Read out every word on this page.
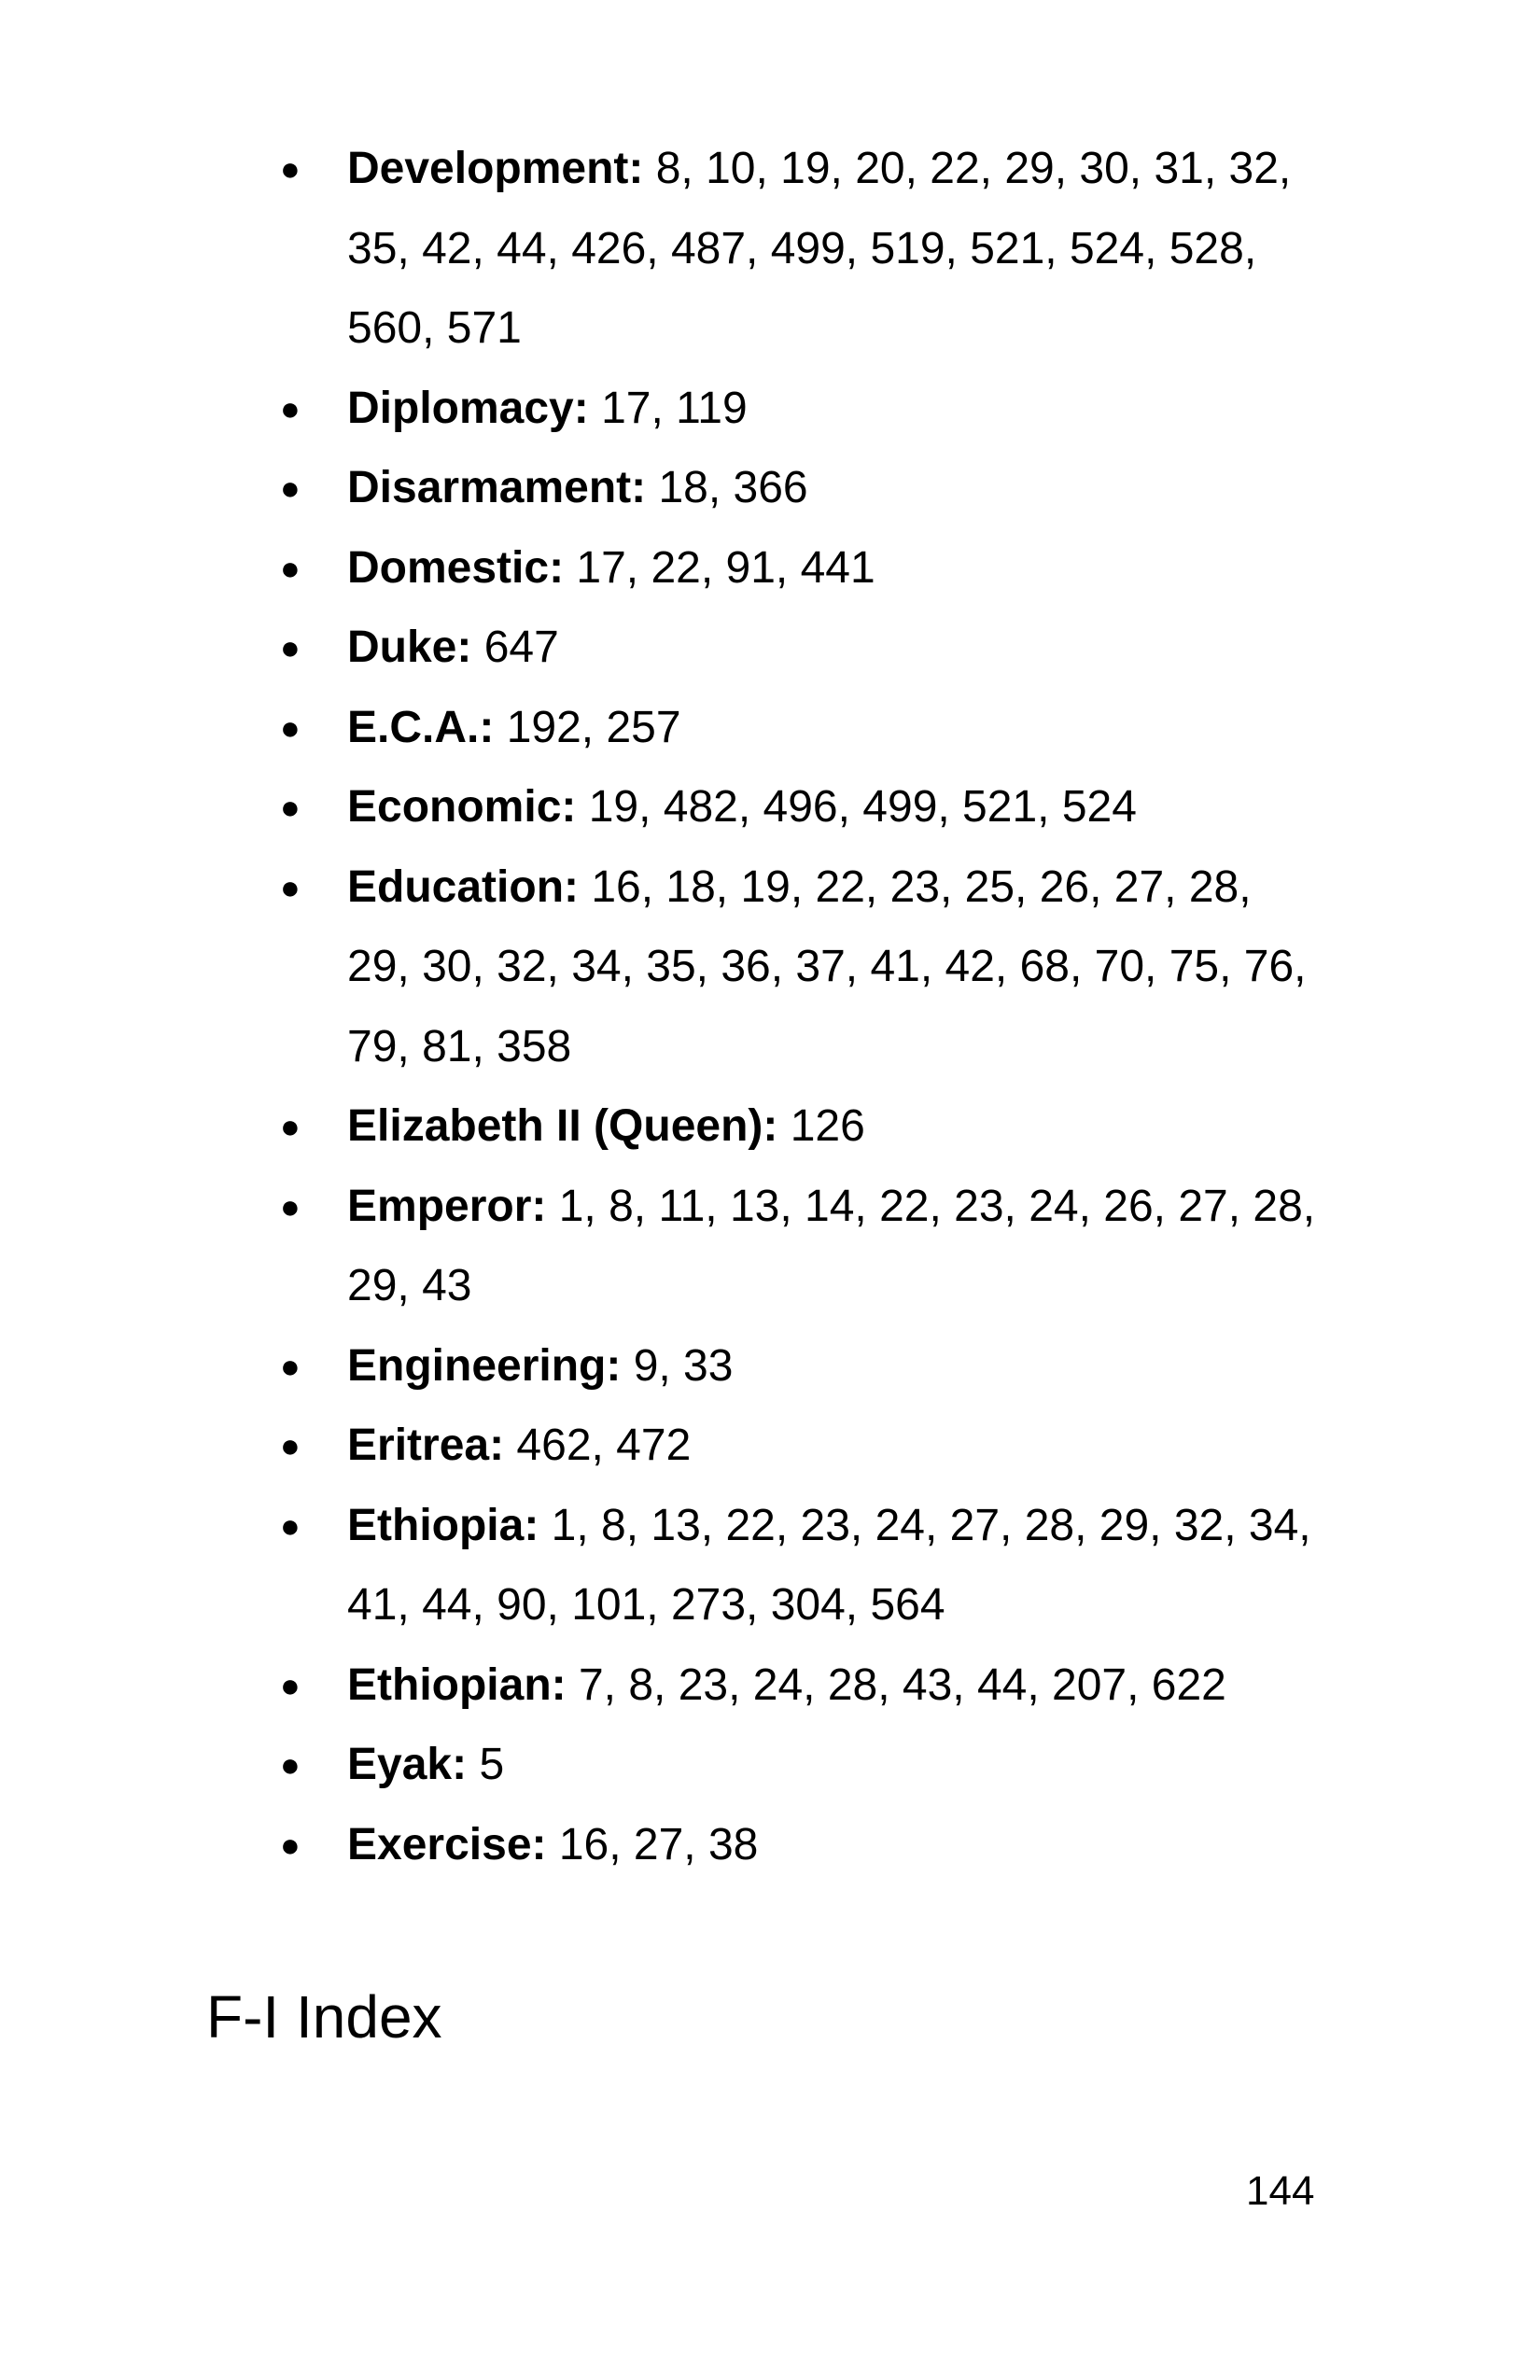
● Development: 8, 10, 19, 20, 22, 29, 30, 31, 32, 35, 42, 44, 426, 487, 499, 519, 521, 524, 528, 560, 571
● Diplomacy: 17, 119
● Disarmament: 18, 366
● Domestic: 17, 22, 91, 441
● Duke: 647
● E.C.A.: 192, 257
● Economic: 19, 482, 496, 499, 521, 524
● Education: 16, 18, 19, 22, 23, 25, 26, 27, 28, 29, 30, 32, 34, 35, 36, 37, 41, 42, 68, 70, 75, 76, 79, 81, 358
● Elizabeth II (Queen): 126
● Emperor: 1, 8, 11, 13, 14, 22, 23, 24, 26, 27, 28, 29, 43
● Engineering: 9, 33
● Eritrea: 462, 472
● Ethiopia: 1, 8, 13, 22, 23, 24, 27, 28, 29, 32, 34, 41, 44, 90, 101, 273, 304, 564
● Ethiopian: 7, 8, 23, 24, 28, 43, 44, 207, 622
● Eyak: 5
● Exercise: 16, 27, 38
F-I Index
144
